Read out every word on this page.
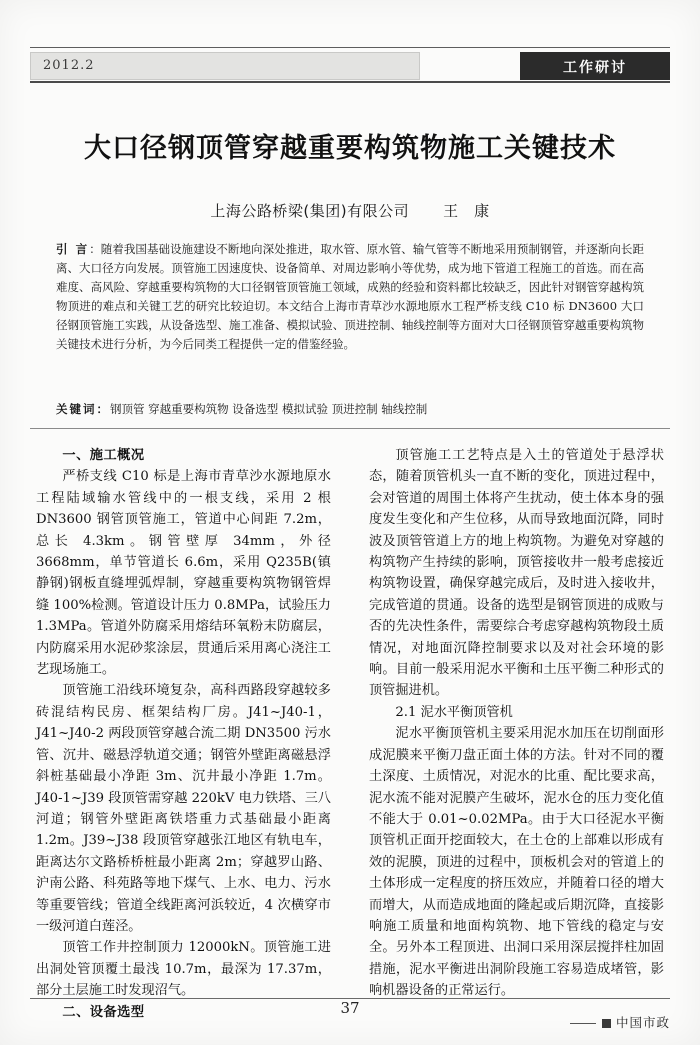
2012.2	工作研讨
大口径钢顶管穿越重要构筑物施工关键技术
上海公路桥梁(集团)有限公司 王　康
引 言：随着我国基础设施建设不断地向深处推进，取水管、原水管、输气管等不断地采用预制钢管，并逐渐向长距离、大口径方向发展。顶管施工因速度快、设备简单、对周边影响小等优势，成为地下管道工程施工的首选。而在高难度、高风险、穿越重要构筑物的大口径钢管顶管施工领域，成熟的经验和资料都比较缺乏，因此针对钢管穿越构筑物顶进的难点和关键工艺的研究比较迫切。本文结合上海市青草沙水源地原水工程严桥支线 C10 标 DN3600 大口径钢顶管施工实践，从设备选型、施工准备、模拟试验、顶进控制、轴线控制等方面对大口径钢顶管穿越重要构筑物关键技术进行分析，为今后同类工程提供一定的借鉴经验。
关键词：钢顶管 穿越重要构筑物 设备选型 模拟试验 顶进控制 轴线控制

一、施工概况

严桥支线 C10 标是上海市青草沙水源地原水工程陆域输水管线中的一根支线，采用 2 根 DN3600 钢管顶管施工，管道中心间距 7.2m，总长 4.3km。钢管壁厚 34mm，外径 3668mm，单节管道长 6.6m，采用 Q235B(镇静钢)钢板直缝埋弧焊制，穿越重要构筑物钢管焊缝 100%检测。管道设计压力 0.8MPa，试验压力 1.3MPa。管道外防腐采用熔结环氧粉末防腐层，内防腐采用水泥砂浆涂层，贯通后采用离心浇注工艺现场施工。

顶管施工沿线环境复杂，高科西路段穿越较多砖混结构民房、框架结构厂房。J41~J40-1，J41~J40-2 两段顶管穿越合流二期 DN3500 污水管、沉井、磁悬浮轨道交通；钢管外壁距离磁悬浮斜桩基础最小净距 3m、沉井最小净距 1.7m。J40-1~J39 段顶管需穿越 220kV 电力铁塔、三八河道；钢管外壁距离铁塔重力式基础最小距离 1.2m。J39~J38 段顶管穿越张江地区有轨电车，距离达尔文路桥桥桩最小距离 2m；穿越罗山路、沪南公路、科苑路等地下煤气、上水、电力、污水等重要管线；管道全线距离河浜较近，4 次横穿市一级河道白莲泾。

顶管工作井控制顶力 12000kN。顶管施工进出洞处管顶覆土最浅 10.7m，最深为 17.37m，部分土层施工时发现沼气。

二、设备选型

顶管施工工艺特点是入土的管道处于悬浮状态，随着顶管机头一直不断的变化，顶进过程中，会对管道的周围土体将产生扰动，使土体本身的强度发生变化和产生位移，从而导致地面沉降，同时波及顶管管道上方的地上构筑物。为避免对穿越的构筑物产生持续的影响，顶管接收井一般考虑接近构筑物设置，确保穿越完成后，及时进入接收井，完成管道的贯通。设备的选型是钢管顶进的成败与否的先决性条件，需要综合考虑穿越构筑物段土质情况，对地面沉降控制要求以及对社会环境的影响。目前一般采用泥水平衡和土压平衡二种形式的顶管掘进机。

2.1 泥水平衡顶管机

泥水平衡顶管机主要采用泥水加压在切削面形成泥膜来平衡刀盘正面土体的方法。针对不同的覆土深度、土质情况，对泥水的比重、配比要求高，泥水流不能对泥膜产生破坏，泥水仓的压力变化值不能大于 0.01~0.02MPa。由于大口径泥水平衡顶管机正面开挖面较大，在土仓的上部难以形成有效的泥膜，顶进的过程中，顶板机会对的管道上的土体形成一定程度的挤压效应，并随着口径的增大而增大，从而造成地面的隆起或后期沉降，直接影响施工质量和地面构筑物、地下管线的稳定与安全。另外本工程顶进、出洞口采用深层搅拌柱加固措施，泥水平衡进出洞阶段施工容易造成堵管，影响机器设备的正常运行。

37
中国市政
